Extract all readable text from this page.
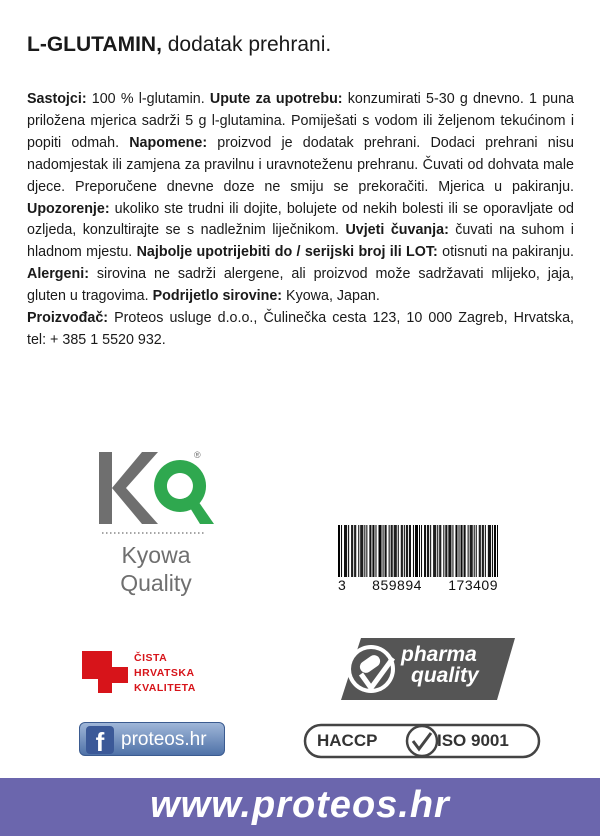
L-GLUTAMIN, dodatak prehrani.

Sastojci: 100 % l-glutamin. Upute za upotrebu: konzumirati 5-30 g dnevno. 1 puna priložena mjerica sadrži 5 g l-glutamina. Pomiješati s vodom ili željenom tekućinom i popiti odmah. Napomene: proizvod je dodatak prehrani. Dodaci prehrani nisu nadomjestak ili zamjena za pravilnu i uravnoteženu prehranu. Čuvati od dohvata male djece. Preporučene dnevne doze ne smiju se prekoračiti. Mjerica u pakiranju. Upozorenje: ukoliko ste trudni ili dojite, bolujete od nekih bolesti ili se oporavljate od ozljeda, konzultirajte se s nadležnim liječnikom. Uvjeti čuvanja: čuvati na suhom i hladnom mjestu. Najbolje upotrijebiti do / serijski broj ili LOT: otisnuti na pakiranju. Alergeni: sirovina ne sadrži alergene, ali proizvod može sadržavati mlijeko, jaja, gluten u tragovima. Podrijetlo sirovine: Kyowa, Japan.
Proizvođač: Proteos usluge d.o.o., Čulinečka cesta 123, 10 000 Zagreb, Hrvatska, tel: + 385 1 5520 932.

®
Kyowa
Quality	3 859894 173409
ČISTA
HRVATSKA
KVALITETA
pharma
quality
f proteos.hr	HACCP	ISO 9001
www.proteos.hr
